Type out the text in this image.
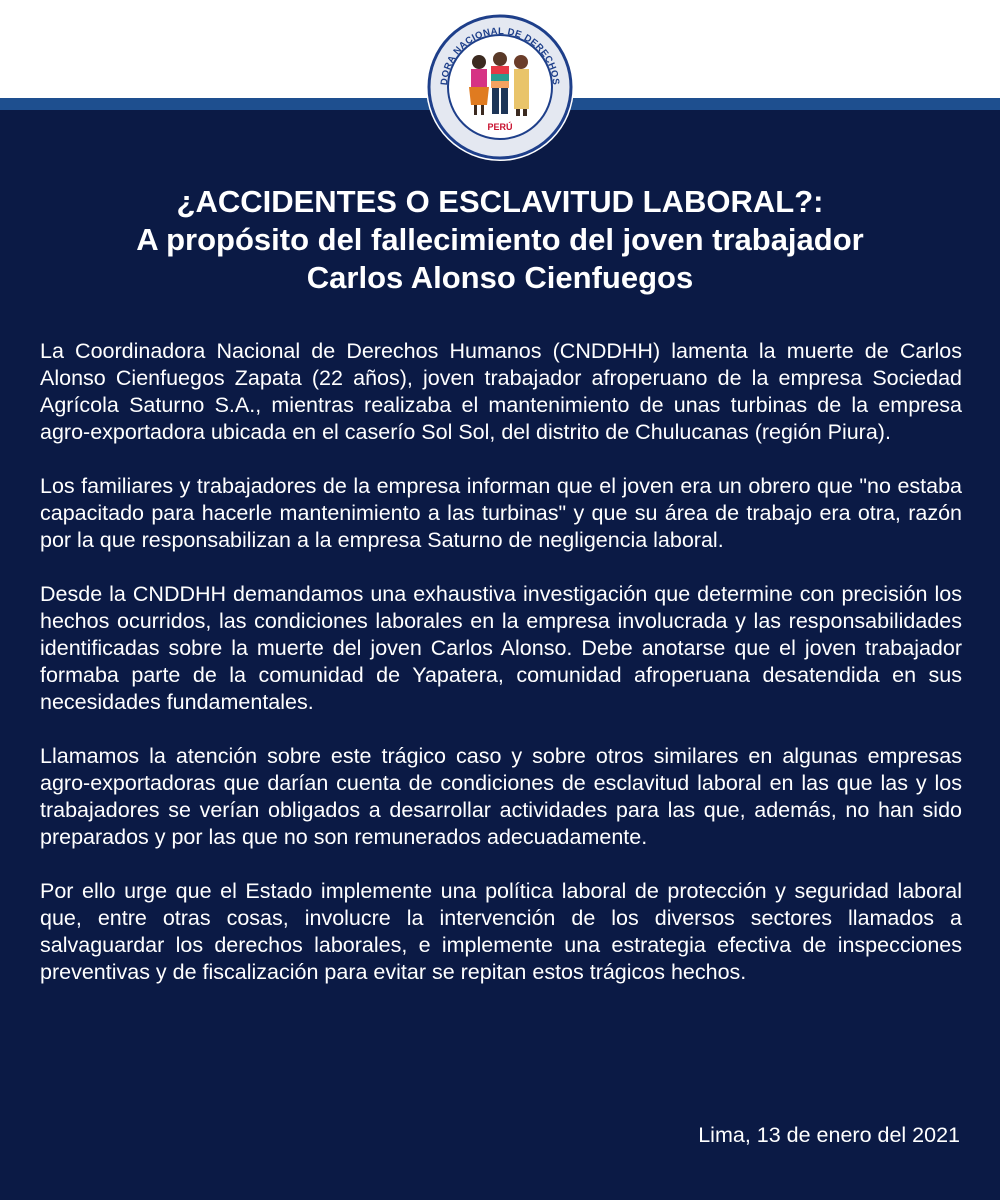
DORA NACIONAL DE DERECHOS
PERÚ
¿ACCIDENTES O ESCLAVITUD LABORAL?:
A propósito del fallecimiento del joven trabajador
Carlos Alonso Cienfuegos

La Coordinadora Nacional de Derechos Humanos (CNDDHH) lamenta la muerte de Carlos Alonso Cienfuegos Zapata (22 años), joven trabajador afroperuano de la empresa Sociedad Agrícola Saturno S.A., mientras realizaba el mantenimiento de unas turbinas de la empresa agro-exportadora ubicada en el caserío Sol Sol, del distrito de Chulucanas (región Piura).

Los familiares y trabajadores de la empresa informan que el joven era un obrero que "no estaba capacitado para hacerle mantenimiento a las turbinas" y que su área de trabajo era otra, razón por la que responsabilizan a la empresa Saturno de negligencia laboral.

Desde la CNDDHH demandamos una exhaustiva investigación que determine con precisión los hechos ocurridos, las condiciones laborales en la empresa involucrada y las responsabilidades identificadas sobre la muerte del joven Carlos Alonso. Debe anotarse que el joven trabajador formaba parte de la comunidad de Yapatera, comunidad afroperuana desatendida en sus necesidades fundamentales.

Llamamos la atención sobre este trágico caso y sobre otros similares en algunas empresas agro-exportadoras que darían cuenta de condiciones de esclavitud laboral en las que las y los trabajadores se verían obligados a desarrollar actividades para las que, además, no han sido preparados y por las que no son remunerados adecuadamente.

Por ello urge que el Estado implemente una política laboral de protección y seguridad laboral que, entre otras cosas, involucre la intervención de los diversos sectores llamados a salvaguardar los derechos laborales, e implemente una estrategia efectiva de inspecciones preventivas y de fiscalización para evitar se repitan estos trágicos hechos.

Lima, 13 de enero del 2021
